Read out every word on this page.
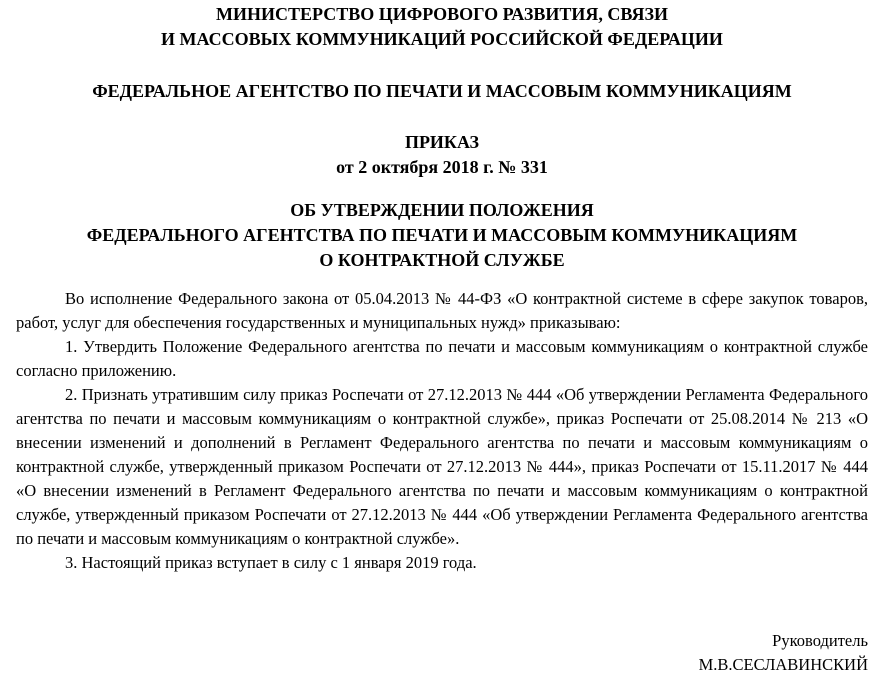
МИНИСТЕРСТВО ЦИФРОВОГО РАЗВИТИЯ, СВЯЗИ
И МАССОВЫХ КОММУНИКАЦИЙ РОССИЙСКОЙ ФЕДЕРАЦИИ
ФЕДЕРАЛЬНОЕ АГЕНТСТВО ПО ПЕЧАТИ И МАССОВЫМ КОММУНИКАЦИЯМ
ПРИКАЗ
от 2 октября 2018 г. № 331
ОБ УТВЕРЖДЕНИИ ПОЛОЖЕНИЯ
ФЕДЕРАЛЬНОГО АГЕНТСТВА ПО ПЕЧАТИ И МАССОВЫМ КОММУНИКАЦИЯМ
О КОНТРАКТНОЙ СЛУЖБЕ

Во исполнение Федерального закона от 05.04.2013 № 44-ФЗ «О контрактной системе в сфере закупок товаров, работ, услуг для обеспечения государственных и муниципальных нужд» приказываю:

1. Утвердить Положение Федерального агентства по печати и массовым коммуникациям о контрактной службе согласно приложению.

2. Признать утратившим силу приказ Роспечати от 27.12.2013 № 444 «Об утверждении Регламента Федерального агентства по печати и массовым коммуникациям о контрактной службе», приказ Роспечати от 25.08.2014 № 213 «О внесении изменений и дополнений в Регламент Федерального агентства по печати и массовым коммуникациям о контрактной службе, утвержденный приказом Роспечати от 27.12.2013 № 444», приказ Роспечати от 15.11.2017 № 444 «О внесении изменений в Регламент Федерального агентства по печати и массовым коммуникациям о контрактной службе, утвержденный приказом Роспечати от 27.12.2013 № 444 «Об утверждении Регламента Федерального агентства по печати и массовым коммуникациям о контрактной службе».

3. Настоящий приказ вступает в силу с 1 января 2019 года.

Руководитель
М.В.СЕСЛАВИНСКИЙ
